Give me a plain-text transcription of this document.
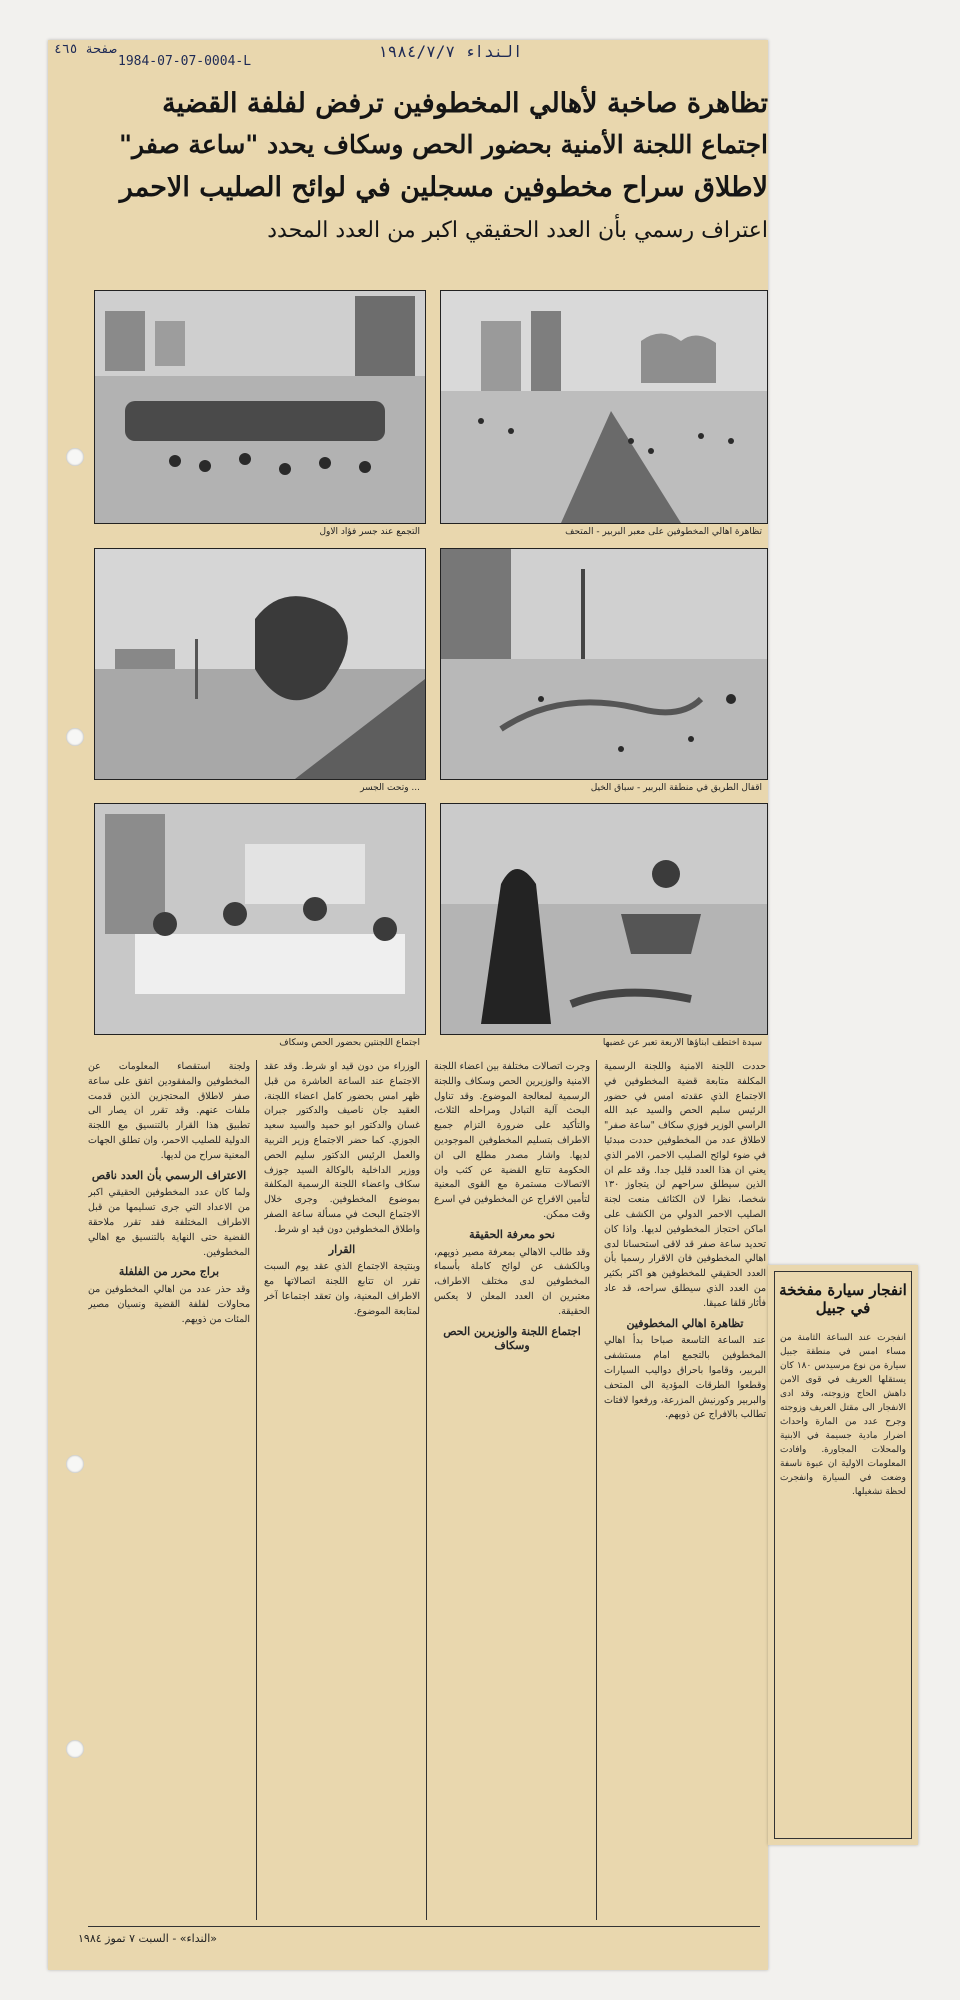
صفحة ٤٦٥
1984-07-07-0004-L
النداء ١٩٨٤/٧/٧
تظاهرة صاخبة لأهالي المخطوفين ترفض لفلفة القضية
اجتماع اللجنة الأمنية بحضور الحص وسكاف يحدد "ساعة صفر"
لاطلاق سراح مخطوفين مسجلين في لوائح الصليب الاحمر
اعتراف رسمي بأن العدد الحقيقي اكبر من العدد المحدد
تظاهرة اهالي المخطوفين على معبر البربير - المتحف
التجمع عند جسر فؤاد الاول
اقفال الطريق في منطقة البربير - سباق الخيل
... وتحت الجسر
سيدة اختطف ابناؤها الاربعة تعبر عن غضبها
اجتماع اللجنتين بحضور الحص وسكاف
حددت اللجنة الامنية واللجنة الرسمية المكلفة متابعة قضية المخطوفين في الاجتماع الذي عقدته امس في حضور الرئيس سليم الحص والسيد عبد الله الراسي الوزير فوزي سكاف "ساعة صفر" لاطلاق عدد من المخطوفين حددت مبدئيا في ضوء لوائح الصليب الاحمر، الامر الذي يعني ان هذا العدد قليل جدا. وقد علم ان الذين سيطلق سراحهم لن يتجاوز ١٣٠ شخصا، نظرا لان الكثائف منعت لجنة الصليب الاحمر الدولي من الكشف على اماكن احتجاز المخطوفين لديها. واذا كان تحديد ساعة صفر قد لاقى استحسانا لدى اهالي المخطوفين فان الاقرار رسميا بأن العدد الحقيقي للمخطوفين هو اكثر بكثير من العدد الذي سيطلق سراحه، قد عاد فأثار قلقا عميقا.
تظاهرة اهالي المخطوفين
عند الساعة التاسعة صباحا بدأ اهالي المخطوفين بالتجمع امام مستشفى البربير، وقاموا باحراق دواليب السيارات وقطعوا الطرقات المؤدية الى المتحف والبربير وكورنيش المزرعة، ورفعوا لافتات تطالب بالافراج عن ذويهم.
وجرت اتصالات مختلفة بين اعضاء اللجنة الامنية والوزيرين الحص وسكاف واللجنة الرسمية لمعالجة الموضوع. وقد تناول البحث آلية التبادل ومراحله الثلاث، والتأكيد على ضرورة التزام جميع الاطراف بتسليم المخطوفين الموجودين لديها. واشار مصدر مطلع الى ان الحكومة تتابع القضية عن كثب وان الاتصالات مستمرة مع القوى المعنية لتأمين الافراج عن المخطوفين في اسرع وقت ممكن.
نحو معرفة الحقيقة
وقد طالب الاهالي بمعرفة مصير ذويهم، وبالكشف عن لوائح كاملة بأسماء المخطوفين لدى مختلف الاطراف، معتبرين ان العدد المعلن لا يعكس الحقيقة.
اجتماع اللجنة والوزيرين الحص وسكاف
الوزراء من دون قيد او شرط. وقد عقد الاجتماع عند الساعة العاشرة من قبل ظهر امس بحضور كامل اعضاء اللجنة، العقيد جان ناصيف والدكتور جبران غسان والدكتور ابو حميد والسيد سعيد الجوزي. كما حضر الاجتماع وزير التربية والعمل الرئيس الدكتور سليم الحص ووزير الداخلية بالوكالة السيد جوزف سكاف واعضاء اللجنة الرسمية المكلفة بموضوع المخطوفين. وجرى خلال الاجتماع البحث في مسألة ساعة الصفر واطلاق المخطوفين دون قيد او شرط.
القرار
وبنتيجة الاجتماع الذي عقد يوم السبت تقرر ان تتابع اللجنة اتصالاتها مع الاطراف المعنية، وان تعقد اجتماعا آخر لمتابعة الموضوع.
ولجنة استقصاء المعلومات عن المخطوفين والمفقودين اتفق على ساعة صفر لاطلاق المحتجزين الذين قدمت ملفات عنهم. وقد تقرر ان يصار الى تطبيق هذا القرار بالتنسيق مع اللجنة الدولية للصليب الاحمر، وان تطلق الجهات المعنية سراح من لديها.
الاعتراف الرسمي بأن العدد ناقص
ولما كان عدد المخطوفين الحقيقي اكبر من الاعداد التي جرى تسليمها من قبل الاطراف المختلفة فقد تقرر ملاحقة القضية حتى النهاية بالتنسيق مع اهالي المخطوفين.
براج محرر من الفلفلة
وقد حذر عدد من اهالي المخطوفين من محاولات لفلفة القضية ونسيان مصير المئات من ذويهم.
«النداء» - السبت ٧ تموز ١٩٨٤
انفجار سيارة مفخخة في جبيل
انفجرت عند الساعة الثامنة من مساء امس في منطقة جبيل سيارة من نوع مرسيدس ١٨٠ كان يستقلها العريف في قوى الامن داهش الحاج وزوجته، وقد ادى الانفجار الى مقتل العريف وزوجته وجرح عدد من المارة واحداث اضرار مادية جسيمة في الابنية والمحلات المجاورة. وافادت المعلومات الاولية ان عبوة ناسفة وضعت في السيارة وانفجرت لحظة تشغيلها.
